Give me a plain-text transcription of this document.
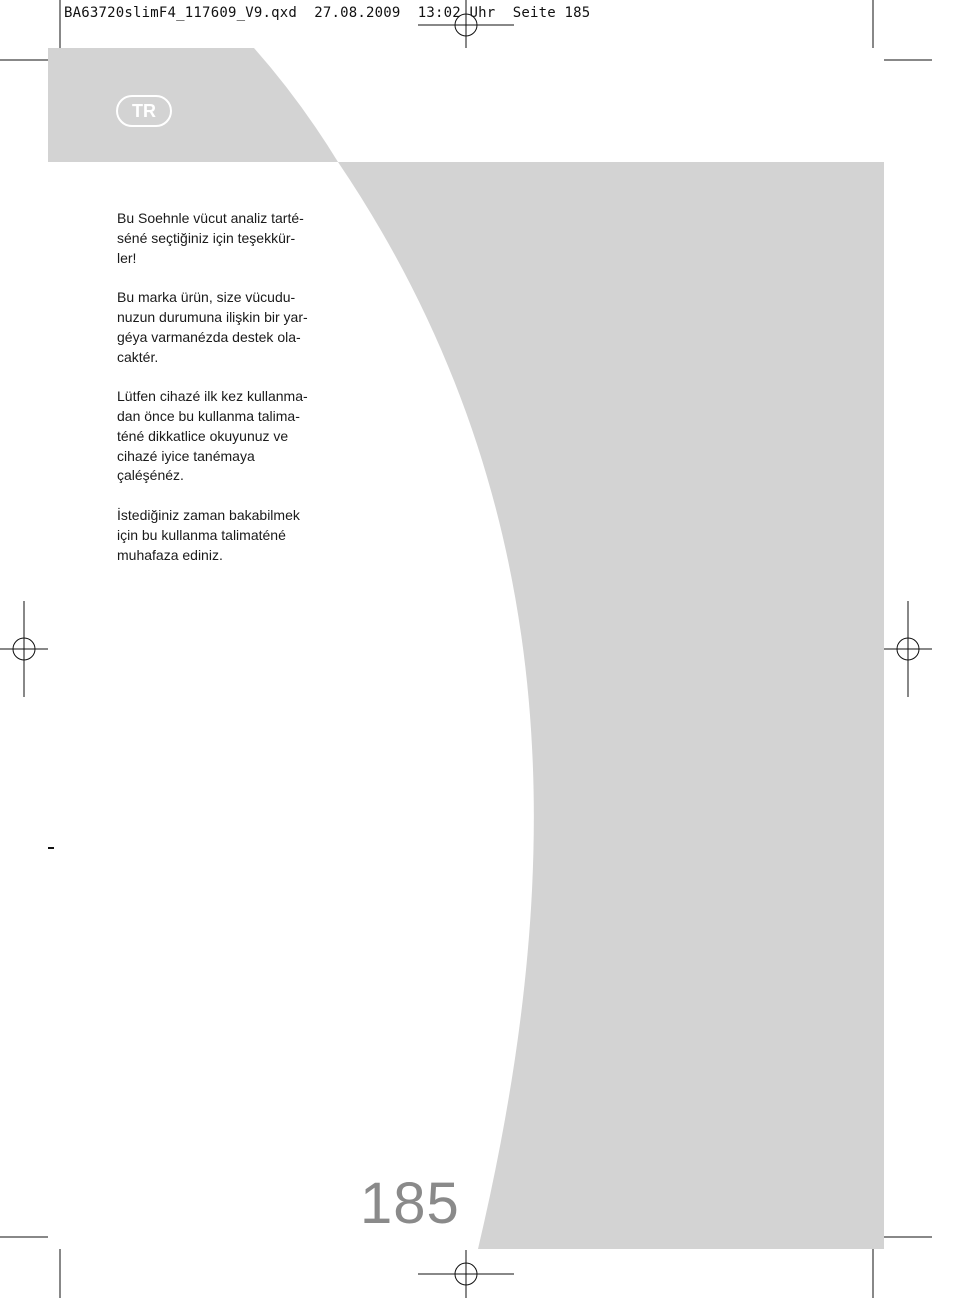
BA63720slimF4_117609_V9.qxd  27.08.2009  13:02 Uhr  Seite 185
TR

Bu Soehnle vücut analiz tarté-
séné seçtiğiniz için teşekkür-
ler!

Bu marka ürün, size vücudu-
nuzun durumuna ilişkin bir yar-
géya varmanézda destek ola-
caktér.

Lütfen cihazé ilk kez kullanma-
dan önce bu kullanma talima-
téné dikkatlice okuyunuz ve
cihazé iyice tanémaya
çaléşénéz.

İstediğiniz zaman bakabilmek
için bu kullanma talimaténé
muhafaza ediniz.

185
